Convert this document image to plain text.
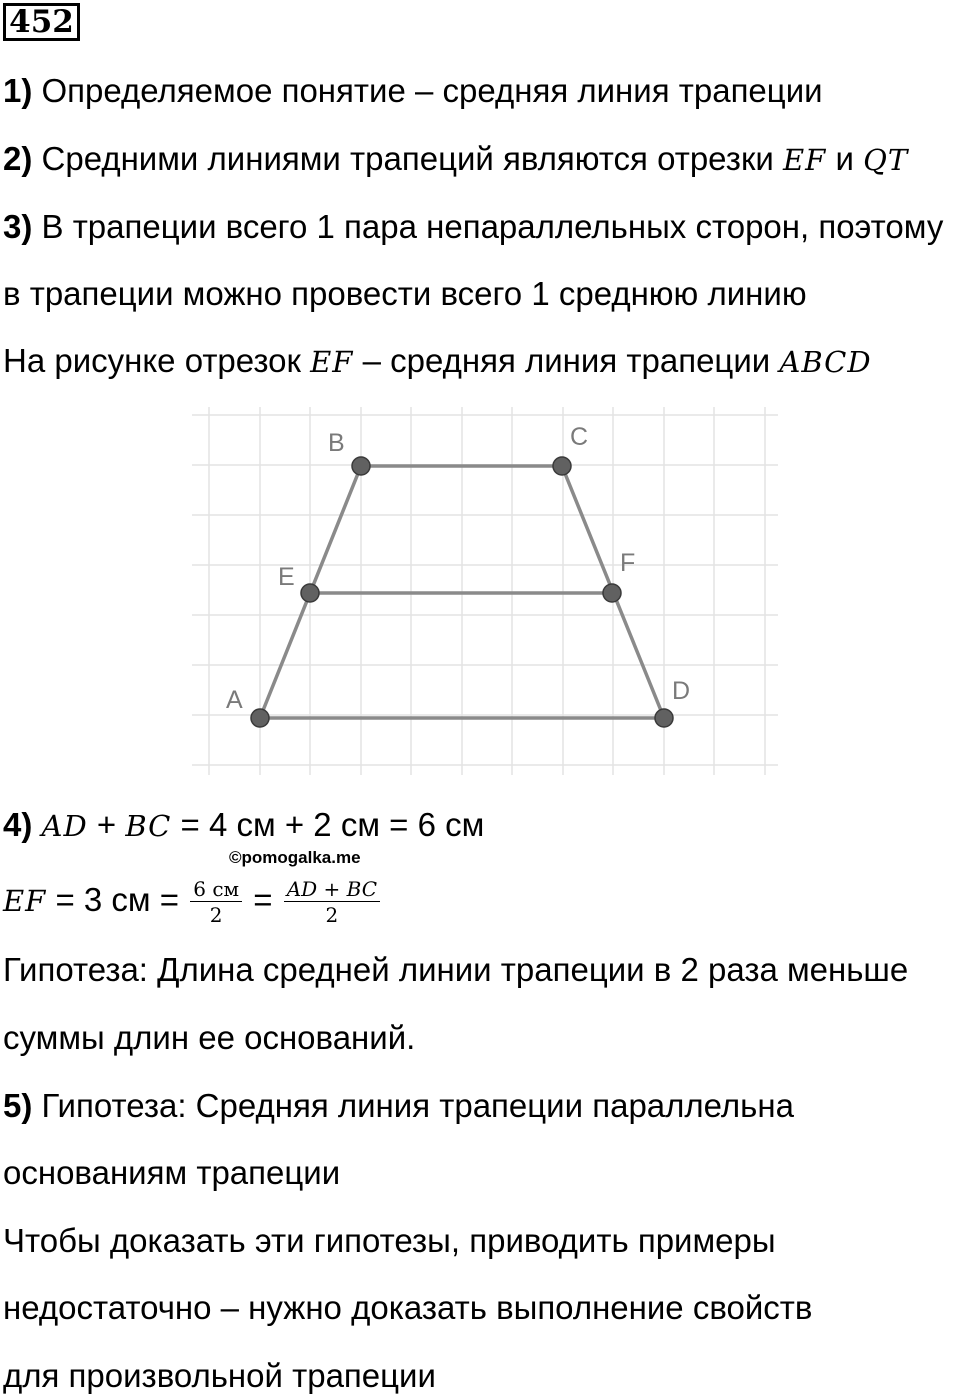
452
1) Определяемое понятие – средняя линия трапеции
2) Средними линиями трапеций являются отрезки EF и QT
3) В трапеции всего 1 пара непараллельных сторон, поэтому
в трапеции можно провести всего 1 среднюю линию
На рисунке отрезок EF – средняя линия трапеции ABCD
A
B	C
D
E	F
4) AD + BC = 4 см + 2 см = 6 см
©pomogalka.me
EF = 3 см = $\frac{6 см}{2} = \frac{AD + BC}{2}$
Гипотеза: Длина средней линии трапеции в 2 раза меньше
суммы длин ее оснований.
5) Гипотеза: Средняя линия трапеции параллельна
основаниям трапеции
Чтобы доказать эти гипотезы, приводить примеры
недостаточно – нужно доказать выполнение свойств
для произвольной трапеции
